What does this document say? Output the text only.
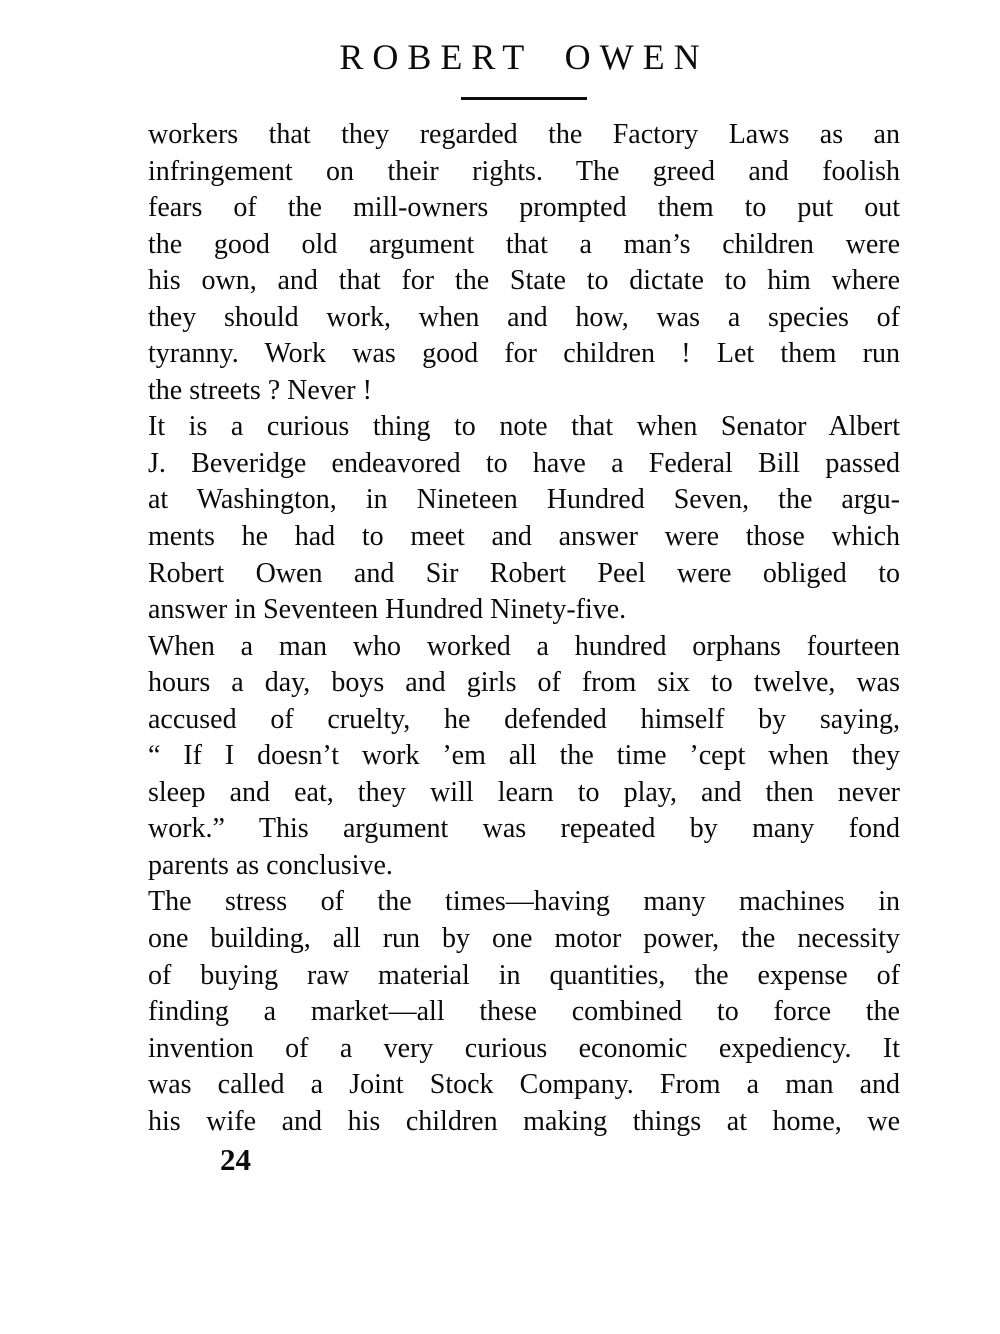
ROBERT OWEN
workers that they regarded the Factory Laws as an
infringement on their rights. The greed and foolish
fears of the mill-owners prompted them to put out
the good old argument that a man’s children were
his own, and that for the State to dictate to him where
they should work, when and how, was a species of
tyranny. Work was good for children ! Let them run
the streets ? Never !
It is a curious thing to note that when Senator Albert
J. Beveridge endeavored to have a Federal Bill passed
at Washington, in Nineteen Hundred Seven, the argu-
ments he had to meet and answer were those which
Robert Owen and Sir Robert Peel were obliged to
answer in Seventeen Hundred Ninety-five.
When a man who worked a hundred orphans fourteen
hours a day, boys and girls of from six to twelve, was
accused of cruelty, he defended himself by saying,
“ If I doesn’t work ’em all the time ’cept when they
sleep and eat, they will learn to play, and then never
work.” This argument was repeated by many fond
parents as conclusive.
The stress of the times—having many machines in
one building, all run by one motor power, the necessity
of buying raw material in quantities, the expense of
finding a market—all these combined to force the
invention of a very curious economic expediency. It
was called a Joint Stock Company. From a man and
his wife and his children making things at home, we
24
